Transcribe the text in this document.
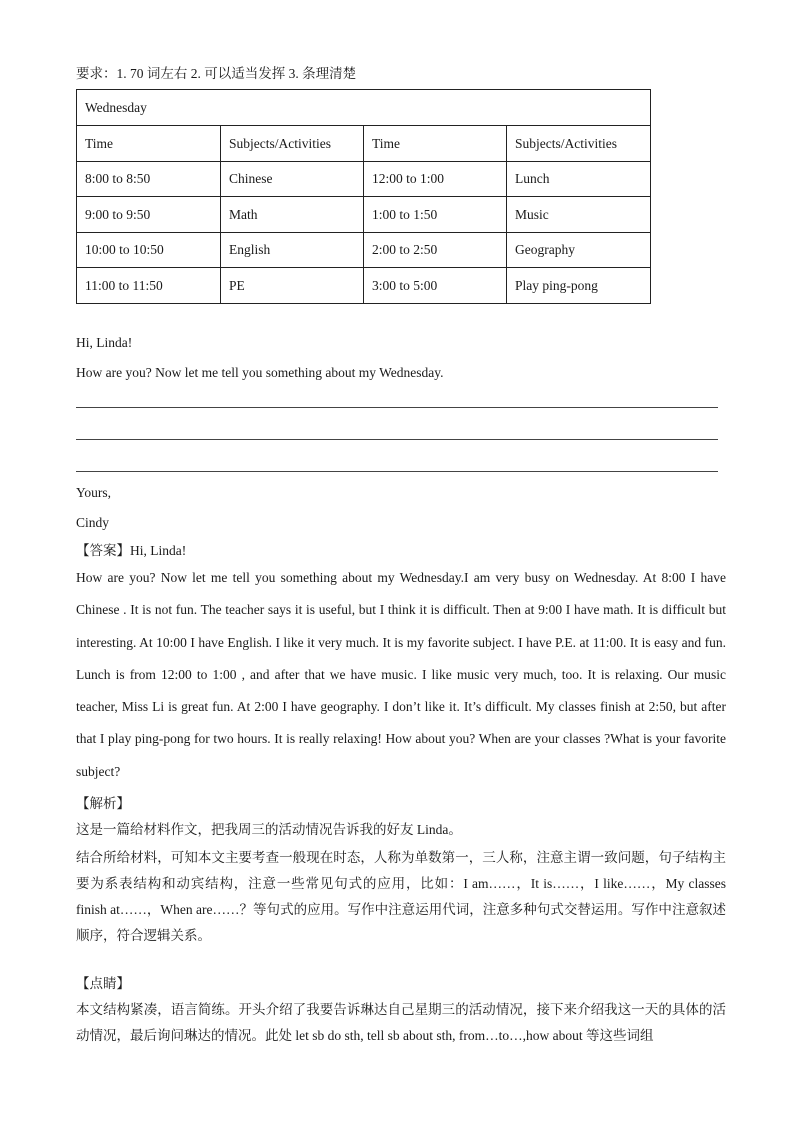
要求：1. 70 词左右 2. 可以适当发挥 3. 条理清楚
Wednesday			
Time	Subjects/Activities	Time	Subjects/Activities
8:00 to 8:50	Chinese	12:00 to 1:00	Lunch
9:00 to 9:50	Math	1:00 to 1:50	Music
10:00 to 10:50	English	2:00 to 2:50	Geography
11:00 to 11:50	PE	3:00 to 5:00	Play ping-pong
Hi, Linda!
How are you? Now let me tell you something about my Wednesday.
Yours,
Cindy
【答案】Hi, Linda!

How are you? Now let me tell you something about my Wednesday.I am very busy on Wednesday. At 8:00 I have Chinese . It is not fun. The teacher says it is useful, but I think it is difficult. Then at 9:00 I have math. It is difficult but interesting. At 10:00 I have English. I like it very much. It is my favorite subject. I have P.E. at 11:00. It is easy and fun. Lunch is from 12:00 to 1:00 , and after that we have music. I like music very much, too. It is relaxing. Our music teacher, Miss Li is great fun. At 2:00 I have geography. I don’t like it. It’s difficult. My classes finish at 2:50, but after that I play ping-pong for two hours. It is really relaxing! How about you? When are your classes ?What is your favorite subject?

【解析】
这是一篇给材料作文，把我周三的活动情况告诉我的好友 Linda。

结合所给材料，可知本文主要考查一般现在时态，人称为单数第一，三人称，注意主谓一致问题，句子结构主要为系表结构和动宾结构，注意一些常见句式的应用，比如：I am……，It is……，I like……，My classes finish at……，When are……？等句式的应用。写作中注意运用代词，注意多种句式交替运用。写作中注意叙述顺序，符合逻辑关系。

【点睛】

本文结构紧凑，语言简练。开头介绍了我要告诉琳达自己星期三的活动情况，接下来介绍我这一天的具体的活动情况，最后询问琳达的情况。此处 let sb do sth, tell sb about sth, from…to…,how about 等这些词组
